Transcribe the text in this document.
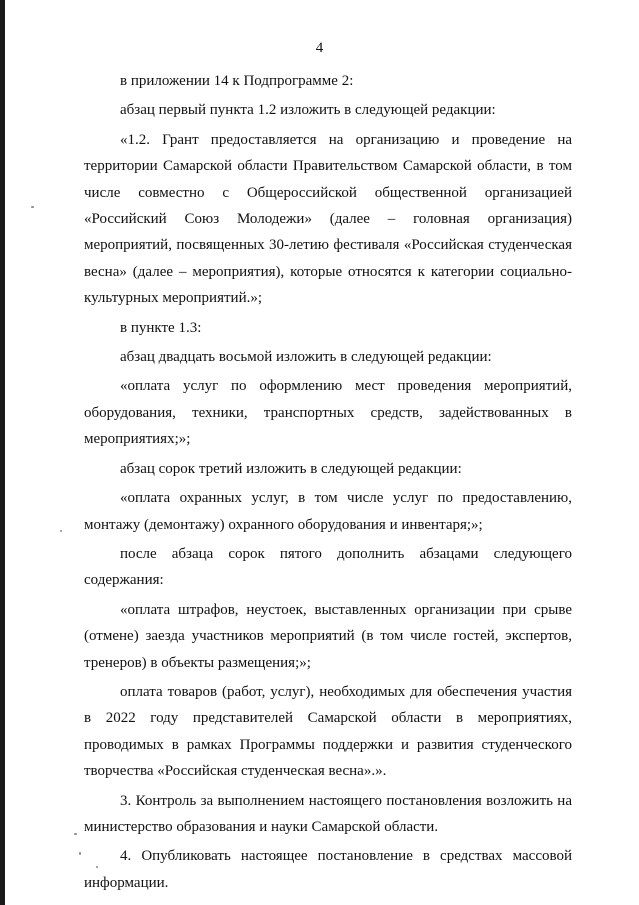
4

в приложении 14 к Подпрограмме 2:

абзац первый пункта 1.2 изложить в следующей редакции:

«1.2. Грант предоставляется на организацию и проведение на территории Самарской области Правительством Самарской области, в том числе совместно с Общероссийской общественной организацией «Российский Союз Молодежи» (далее – головная организация) мероприятий, посвященных 30-летию фестиваля «Российская студенческая весна» (далее – мероприятия), которые относятся к категории социально-культурных мероприятий.»;

в пункте 1.3:

абзац двадцать восьмой изложить в следующей редакции:

«оплата услуг по оформлению мест проведения мероприятий, оборудования, техники, транспортных средств, задействованных в мероприятиях;»;

абзац сорок третий изложить в следующей редакции:

«оплата охранных услуг, в том числе услуг по предоставлению, монтажу (демонтажу) охранного оборудования и инвентаря;»;

после абзаца сорок пятого дополнить абзацами следующего содержания:

«оплата штрафов, неустоек, выставленных организации при срыве (отмене) заезда участников мероприятий (в том числе гостей, экспертов, тренеров) в объекты размещения;»;

оплата товаров (работ, услуг), необходимых для обеспечения участия в 2022 году представителей Самарской области в мероприятиях, проводимых в рамках Программы поддержки и развития студенческого творчества «Российская студенческая весна».».

3. Контроль за выполнением настоящего постановления возложить на министерство образования и науки Самарской области.

4. Опубликовать настоящее постановление в средствах массовой информации.
